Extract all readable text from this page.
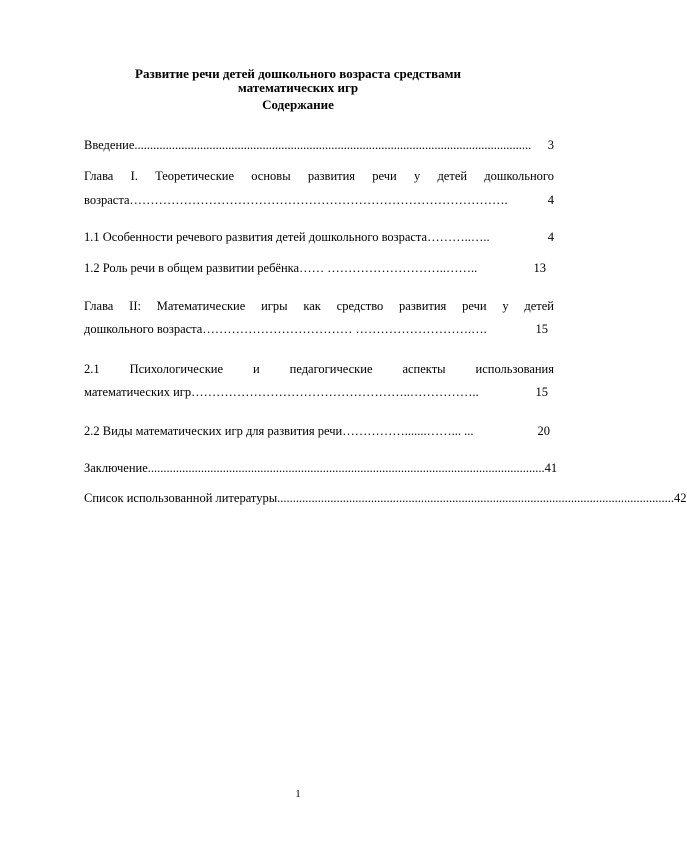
Развитие речи детей дошкольного возраста средствами
математических игр
Содержание
Введение ...............................................................................................................................	3
Глава I. Теоретические основы развития речи у детей дошкольного
возраста ……………………………………………………………………………….	4
1.1 Особенности речевого развития детей дошкольного возраста ………..…..	4
1.2 Роль речи в общем развитии ребёнка… … ………………………..……..	13
Глава II: Математические игры как средство развития речи у детей
дошкольного возраста ……………………………… ……………………….….	15
2.1 Психологические и педагогические аспекты использования
математических игр ……………………………………………..……………..	15
2.2 Виды математических игр для развития речи… ………….......……... ...	20
Заключение ............................................................................................................................... 41
Список использованной литературы ............................................................................................................................... 42
1
